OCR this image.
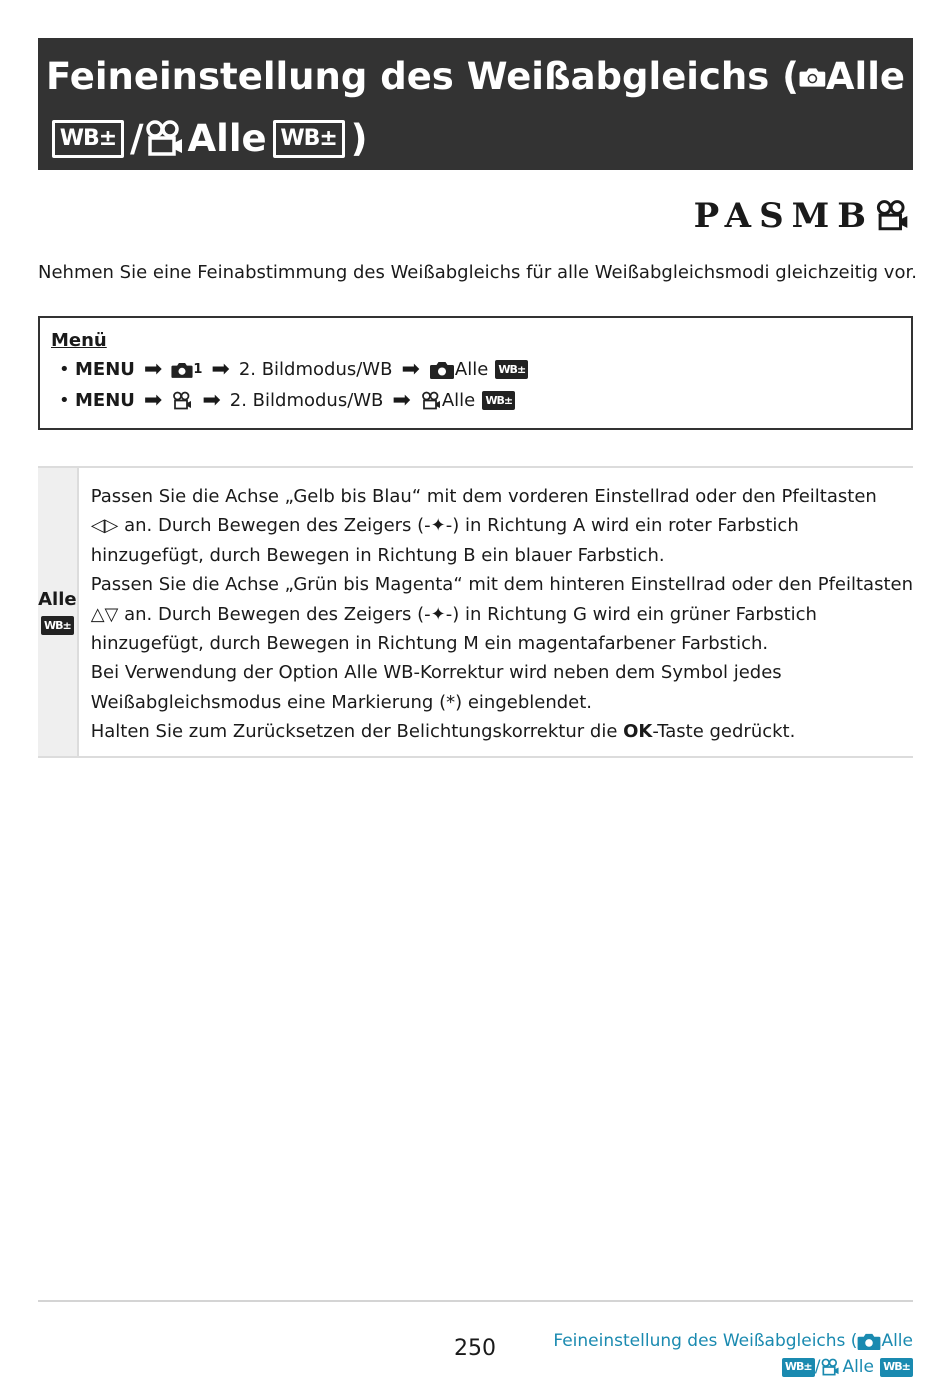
Feineinstellung des Weißabgleichs ( Alle
WB± / Alle WB± )
PASMB
Nehmen Sie eine Feinabstimmung des Weißabgleichs für alle Weißabgleichsmodi gleichzeitig vor.
Menü
• MENU ➡ 1 ➡ 2. Bildmodus/WB ➡ Alle WB±
• MENU ➡ ➡ 2. Bildmodus/WB ➡ Alle WB±
Alle
WB±

Passen Sie die Achse „Gelb bis Blau“ mit dem vorderen Einstellrad oder den Pfeiltasten

◁▷ an. Durch Bewegen des Zeigers (-✦-) in Richtung A wird ein roter Farbstich

hinzugefügt, durch Bewegen in Richtung B ein blauer Farbstich.

Passen Sie die Achse „Grün bis Magenta“ mit dem hinteren Einstellrad oder den Pfeiltasten

△▽ an. Durch Bewegen des Zeigers (-✦-) in Richtung G wird ein grüner Farbstich

hinzugefügt, durch Bewegen in Richtung M ein magentafarbener Farbstich.

Bei Verwendung der Option Alle WB-Korrektur wird neben dem Symbol jedes

Weißabgleichsmodus eine Markierung (*) eingeblendet.

Halten Sie zum Zurücksetzen der Belichtungskorrektur die OK-Taste gedrückt.

250	Feineinstellung des Weißabgleichs ( Alle
WB± / Alle WB±
